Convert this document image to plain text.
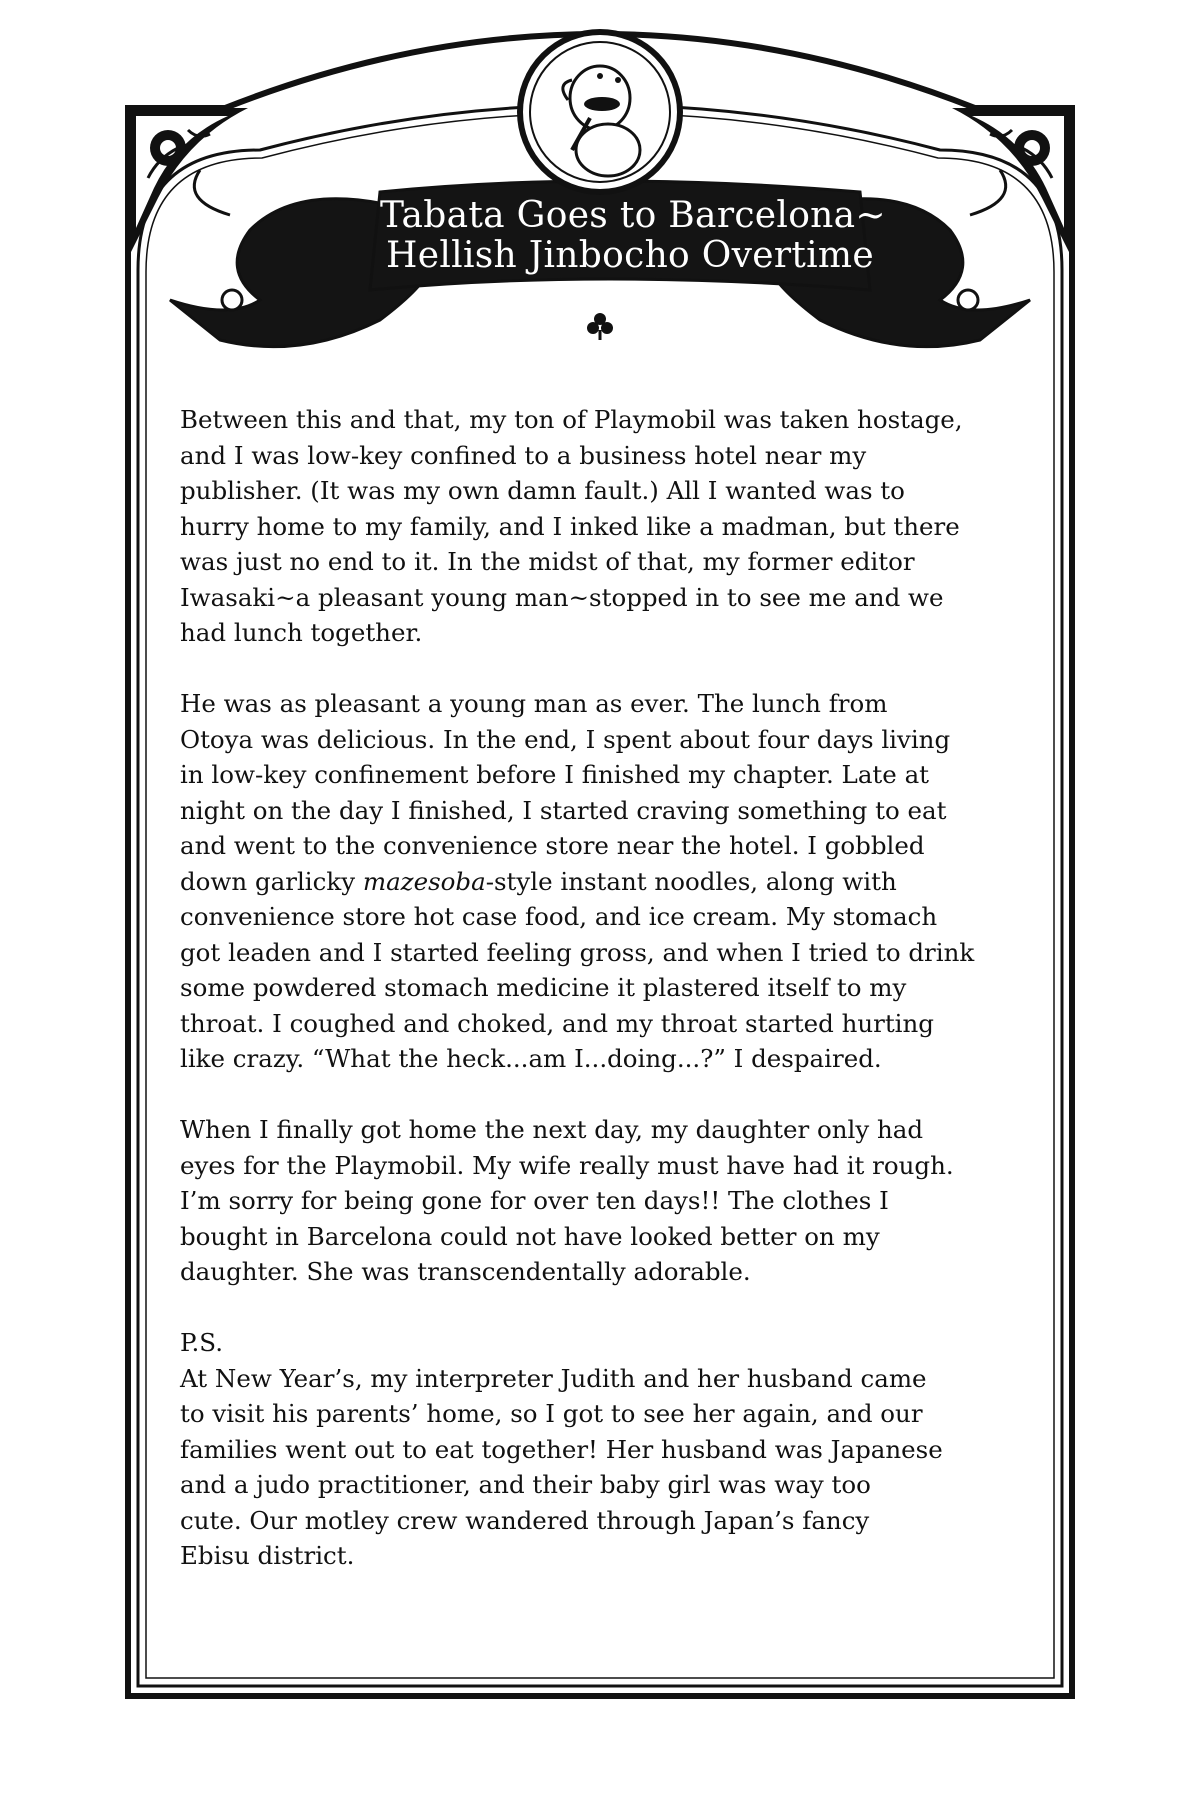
Tabata Goes to Barcelona~
Hellish Jinbocho Overtime

Between this and that, my ton of Playmobil was taken hostage,
and I was low-key confined to a business hotel near my
publisher. (It was my own damn fault.) All I wanted was to
hurry home to my family, and I inked like a madman, but there
was just no end to it. In the midst of that, my former editor
Iwasaki~a pleasant young man~stopped in to see me and we
had lunch together.

He was as pleasant a young man as ever. The lunch from
Otoya was delicious. In the end, I spent about four days living
in low-key confinement before I finished my chapter. Late at
night on the day I finished, I started craving something to eat
and went to the convenience store near the hotel. I gobbled
down garlicky mazesoba-style instant noodles, along with
convenience store hot case food, and ice cream. My stomach
got leaden and I started feeling gross, and when I tried to drink
some powdered stomach medicine it plastered itself to my
throat. I coughed and choked, and my throat started hurting
like crazy. “What the heck...am I...doing...?” I despaired.

When I finally got home the next day, my daughter only had
eyes for the Playmobil. My wife really must have had it rough.
I’m sorry for being gone for over ten days!! The clothes I
bought in Barcelona could not have looked better on my
daughter. She was transcendentally adorable.

P.S.

At New Year’s, my interpreter Judith and her husband came
to visit his parents’ home, so I got to see her again, and our
families went out to eat together! Her husband was Japanese
and a judo practitioner, and their baby girl was way too
cute. Our motley crew wandered through Japan’s fancy
Ebisu district.
